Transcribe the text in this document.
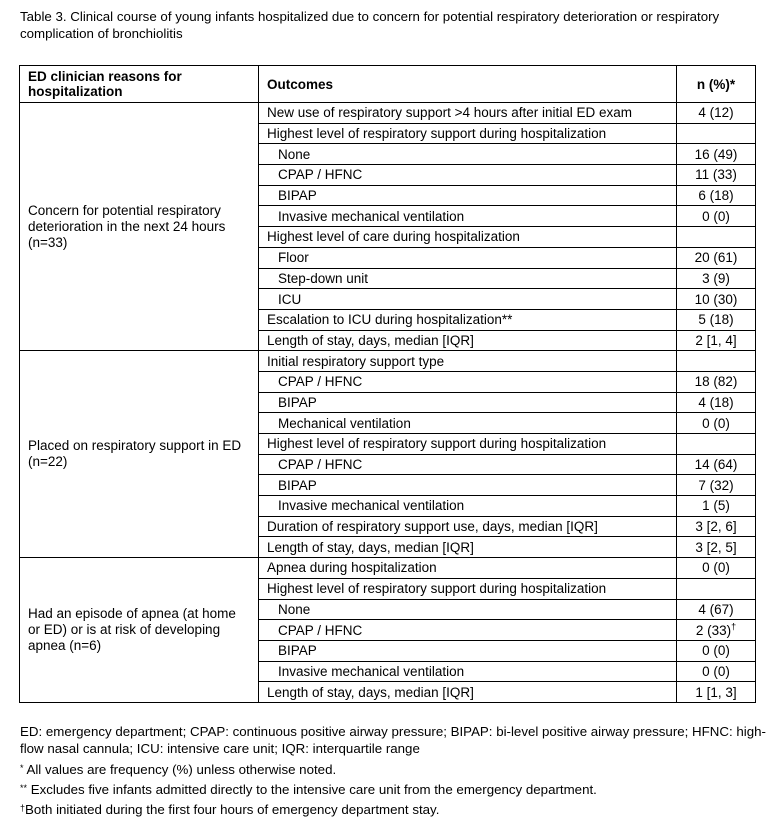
Table 3. Clinical course of young infants hospitalized due to concern for potential respiratory deterioration or respiratory complication of bronchiolitis
ED clinician reasons for hospitalization	Outcomes	n (%)*
Concern for potential respiratory deterioration in the next 24 hours (n=33)	New use of respiratory support >4 hours after initial ED exam	4 (12)
	Highest level of respiratory support during hospitalization	
	None	16 (49)
	CPAP / HFNC	11 (33)
	BIPAP	6 (18)
	Invasive mechanical ventilation	0 (0)
	Highest level of care during hospitalization	
	Floor	20 (61)
	Step-down unit	3 (9)
	ICU	10 (30)
	Escalation to ICU during hospitalization**	5 (18)
	Length of stay, days, median [IQR]	2 [1, 4]
Placed on respiratory support in ED (n=22)	Initial respiratory support type	
	CPAP / HFNC	18 (82)
	BIPAP	4 (18)
	Mechanical ventilation	0 (0)
	Highest level of respiratory support during hospitalization	
	CPAP / HFNC	14 (64)
	BIPAP	7 (32)
	Invasive mechanical ventilation	1 (5)
	Duration of respiratory support use, days, median [IQR]	3 [2, 6]
	Length of stay, days, median [IQR]	3 [2, 5]
Had an episode of apnea (at home or ED) or is at risk of developing apnea (n=6)	Apnea during hospitalization	0 (0)
	Highest level of respiratory support during hospitalization	
	None	4 (67)
	CPAP / HFNC	2 (33)†
	BIPAP	0 (0)
	Invasive mechanical ventilation	0 (0)
	Length of stay, days, median [IQR]	1 [1, 3]

ED: emergency department; CPAP: continuous positive airway pressure; BIPAP: bi-level positive airway pressure; HFNC: high-flow nasal cannula; ICU: intensive care unit; IQR: interquartile range

* All values are frequency (%) unless otherwise noted.

** Excludes five infants admitted directly to the intensive care unit from the emergency department.

†Both initiated during the first four hours of emergency department stay.
